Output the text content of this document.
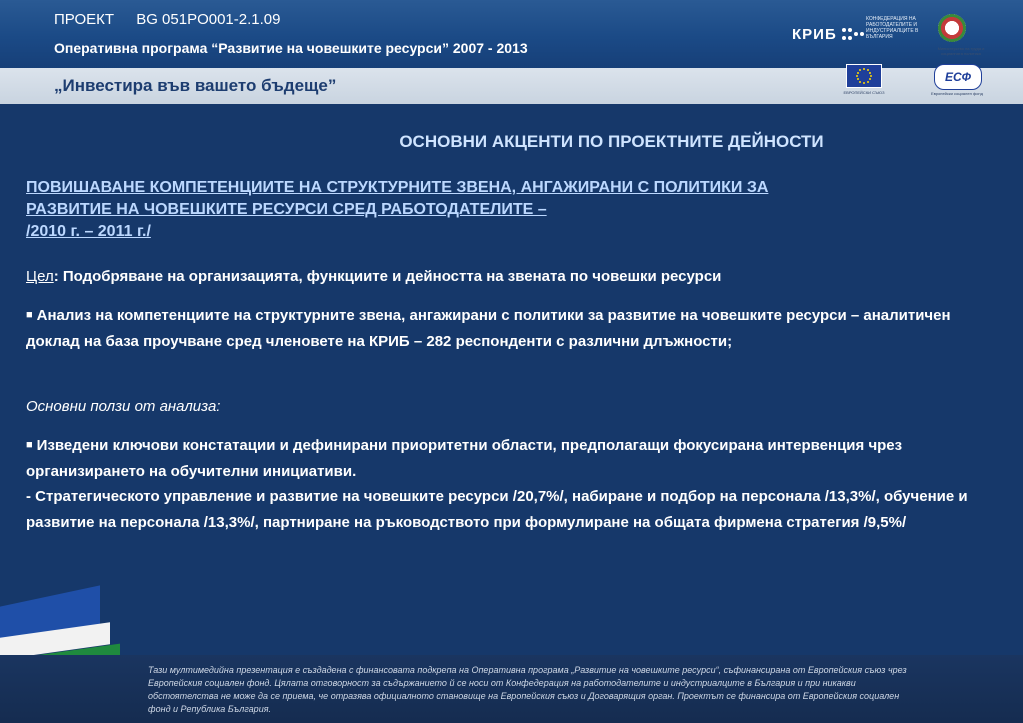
ПРОЕКТ BG 051PO001-2.1.09
Оперативна програма “Развитие на човешките ресурси” 2007 - 2013
„Инвестира във вашето бъдеще”
КРИБ
КОНФЕДЕРАЦИЯ НА РАБОТОДАТЕЛИТЕ И ИНДУСТРИАЛЦИТЕ В БЪЛГАРИЯ
Министерство на труда и социалната политика
ЕВРОПЕЙСКИ СЪЮЗ
ЕСФ
Европейски социален фонд
ОСНОВНИ АКЦЕНТИ ПО ПРОЕКТНИТЕ ДЕЙНОСТИ
ПОВИШАВАНЕ КОМПЕТЕНЦИИТЕ НА СТРУКТУРНИТЕ ЗВЕНА, АНГАЖИРАНИ С ПОЛИТИКИ ЗА
РАЗВИТИЕ НА ЧОВЕШКИТЕ РЕСУРСИ СРЕД РАБОТОДАТЕЛИТЕ –
/2010 г. – 2011 г./
Цел: Подобряване на организацията, функциите и дейността на звената по човешки ресурси
■ Анализ на компетенциите на структурните звена, ангажирани с политики за развитие на човешките ресурси – аналитичен доклад на база проучване сред членовете на КРИБ – 282 респонденти с различни длъжности;
Основни ползи от анализа:
■ Изведени ключови констатации и дефинирани приоритетни области, предполагащи фокусирана интервенция чрез организирането на обучителни инициативи.
- Стратегическото управление и развитие на човешките ресурси /20,7%/, набиране и подбор на персонала /13,3%/, обучение и развитие на персонала /13,3%/, партниране на ръководството при формулиране на общата фирмена стратегия /9,5%/
Тази мултимедийна презентация е създадена с финансовата подкрепа на Оперативна програма „Развитие на човешките ресурси“, съфинансирана от Европейския съюз чрез Европейския социален фонд. Цялата отговорност за съдържанието й се носи от Конфедерация на работодателите и индустриалците в България и при никакви обстоятелства не може да се приема, че отразява официалното становище на Европейския съюз и Договарящия орган. Проектът се финансира от Европейския социален фонд и Република България.
